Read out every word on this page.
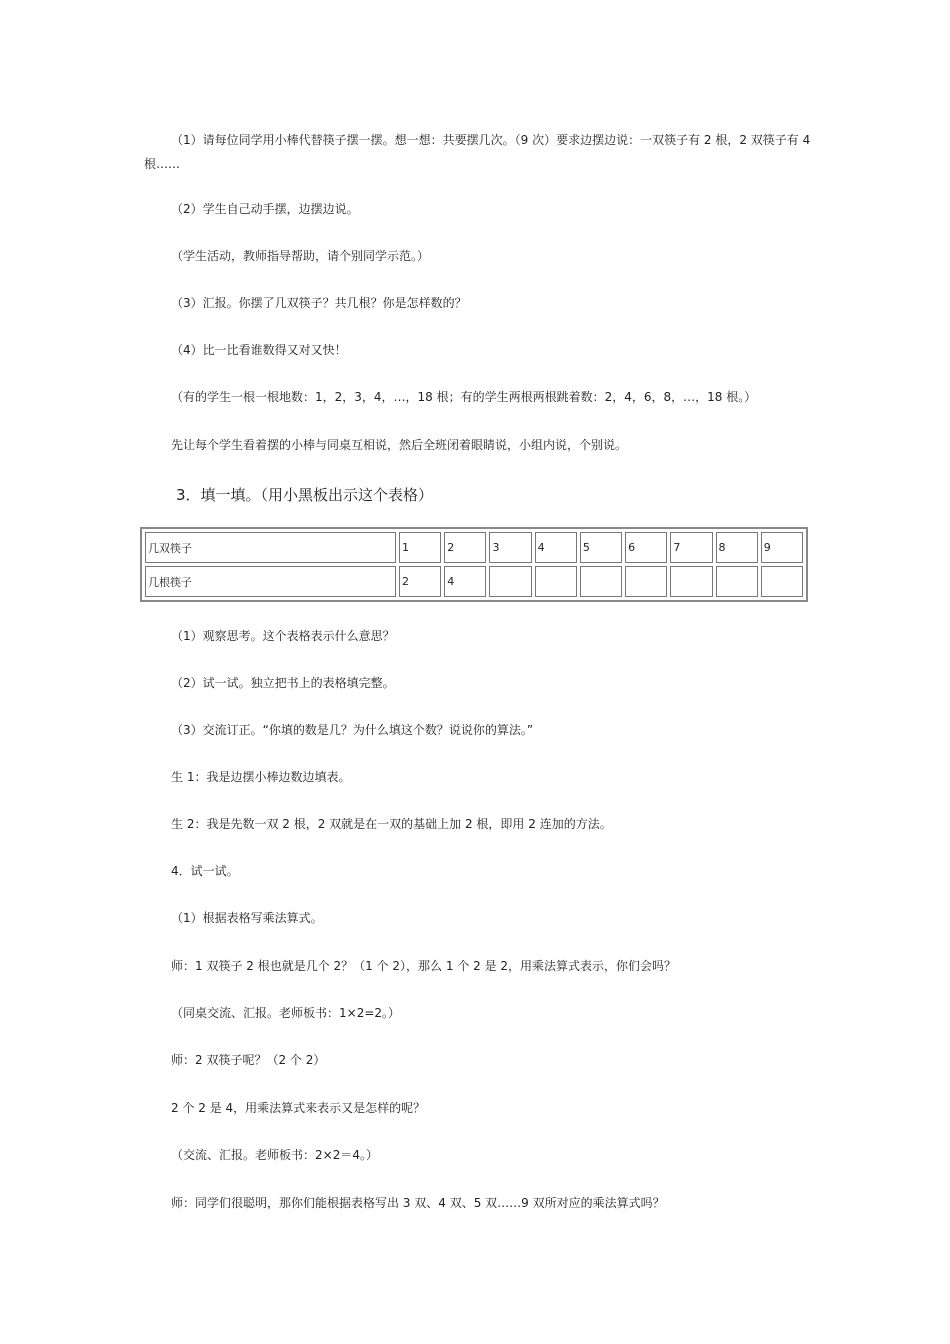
（1）请每位同学用小棒代替筷子摆一摆。想一想：共要摆几次。（9 次）要求边摆边说：一双筷子有 2 根，2 双筷子有 4
根……

（2）学生自己动手摆，边摆边说。

（学生活动，教师指导帮助，请个别同学示范。）

（3）汇报。你摆了几双筷子？共几根？你是怎样数的？

（4）比一比看谁数得又对又快！

（有的学生一根一根地数：1，2，3，4，…，18 根；有的学生两根两根跳着数：2，4，6，8，…，18 根。）

先让每个学生看着摆的小棒与同桌互相说，然后全班闭着眼睛说，小组内说，个别说。

3．填一填。（用小黑板出示这个表格）

几双筷子	1	2	3	4	5	6	7	8	9
几根筷子	2	4							

（1）观察思考。这个表格表示什么意思？

（2）试一试。独立把书上的表格填完整。

（3）交流订正。“你填的数是几？为什么填这个数？说说你的算法。”

生 1：我是边摆小棒边数边填表。

生 2：我是先数一双 2 根，2 双就是在一双的基础上加 2 根，即用 2 连加的方法。

4．试一试。

（1）根据表格写乘法算式。

师：1 双筷子 2 根也就是几个 2？（1 个 2），那么 1 个 2 是 2，用乘法算式表示，你们会吗？

（同桌交流、汇报。老师板书：1×2=2。）

师：2 双筷子呢？（2 个 2）

2 个 2 是 4，用乘法算式来表示又是怎样的呢？

（交流、汇报。老师板书：2×2＝4。）

师：同学们很聪明，那你们能根据表格写出 3 双、4 双、5 双……9 双所对应的乘法算式吗？
